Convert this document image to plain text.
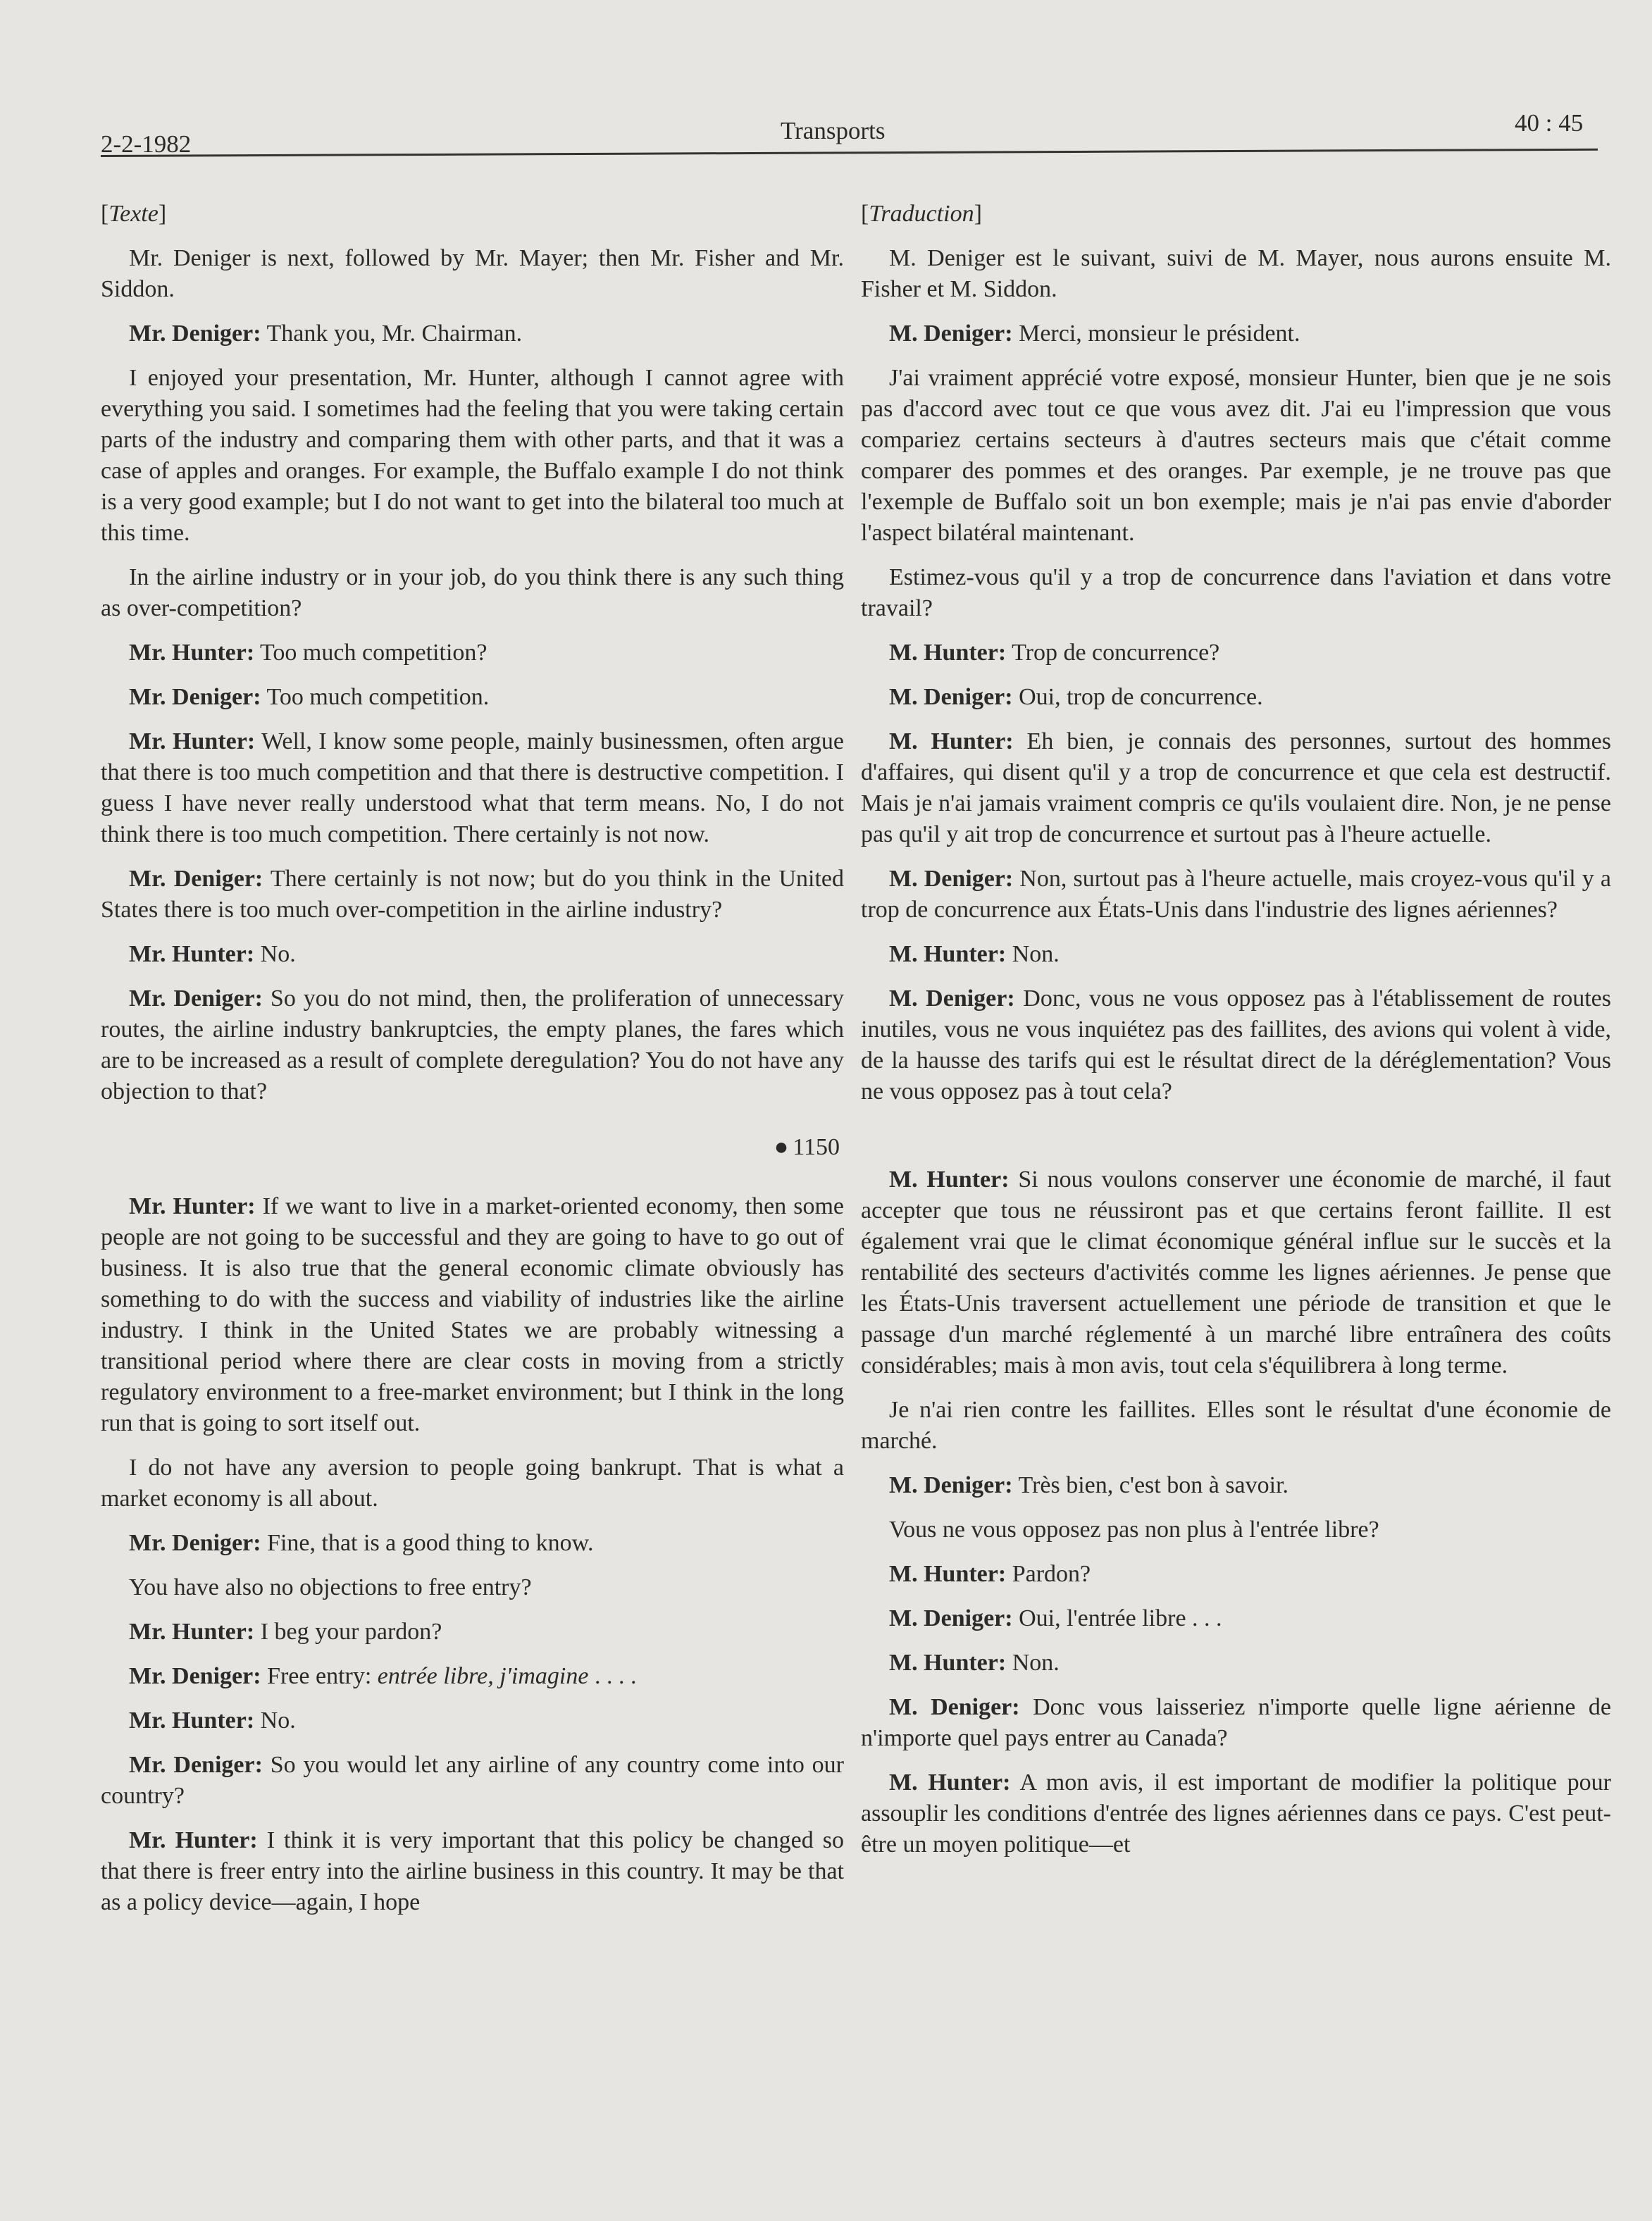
2-2-1982	Transports	40 : 45

[Texte]

Mr. Deniger is next, followed by Mr. Mayer; then Mr. Fisher and Mr. Siddon.

Mr. Deniger: Thank you, Mr. Chairman.

I enjoyed your presentation, Mr. Hunter, although I cannot agree with everything you said. I sometimes had the feeling that you were taking certain parts of the industry and comparing them with other parts, and that it was a case of apples and oranges. For example, the Buffalo example I do not think is a very good example; but I do not want to get into the bilateral too much at this time.

In the airline industry or in your job, do you think there is any such thing as over-competition?

Mr. Hunter: Too much competition?

Mr. Deniger: Too much competition.

Mr. Hunter: Well, I know some people, mainly businessmen, often argue that there is too much competition and that there is destructive competition. I guess I have never really understood what that term means. No, I do not think there is too much competition. There certainly is not now.

Mr. Deniger: There certainly is not now; but do you think in the United States there is too much over-competition in the airline industry?

Mr. Hunter: No.

Mr. Deniger: So you do not mind, then, the proliferation of unnecessary routes, the airline industry bankruptcies, the empty planes, the fares which are to be increased as a result of complete deregulation? You do not have any objection to that?

● 1150

Mr. Hunter: If we want to live in a market-oriented economy, then some people are not going to be successful and they are going to have to go out of business. It is also true that the general economic climate obviously has something to do with the success and viability of industries like the airline industry. I think in the United States we are probably witnessing a transitional period where there are clear costs in moving from a strictly regulatory environment to a free-market environment; but I think in the long run that is going to sort itself out.

I do not have any aversion to people going bankrupt. That is what a market economy is all about.

Mr. Deniger: Fine, that is a good thing to know.

You have also no objections to free entry?

Mr. Hunter: I beg your pardon?

Mr. Deniger: Free entry: entrée libre, j'imagine . . . .

Mr. Hunter: No.

Mr. Deniger: So you would let any airline of any country come into our country?

Mr. Hunter: I think it is very important that this policy be changed so that there is freer entry into the airline business in this country. It may be that as a policy device—again, I hope

[Traduction]

M. Deniger est le suivant, suivi de M. Mayer, nous aurons ensuite M. Fisher et M. Siddon.

M. Deniger: Merci, monsieur le président.

J'ai vraiment apprécié votre exposé, monsieur Hunter, bien que je ne sois pas d'accord avec tout ce que vous avez dit. J'ai eu l'impression que vous compariez certains secteurs à d'autres secteurs mais que c'était comme comparer des pommes et des oranges. Par exemple, je ne trouve pas que l'exemple de Buffalo soit un bon exemple; mais je n'ai pas envie d'aborder l'aspect bilatéral maintenant.

Estimez-vous qu'il y a trop de concurrence dans l'aviation et dans votre travail?

M. Hunter: Trop de concurrence?

M. Deniger: Oui, trop de concurrence.

M. Hunter: Eh bien, je connais des personnes, surtout des hommes d'affaires, qui disent qu'il y a trop de concurrence et que cela est destructif. Mais je n'ai jamais vraiment compris ce qu'ils voulaient dire. Non, je ne pense pas qu'il y ait trop de concurrence et surtout pas à l'heure actuelle.

M. Deniger: Non, surtout pas à l'heure actuelle, mais croyez-vous qu'il y a trop de concurrence aux États-Unis dans l'industrie des lignes aériennes?

M. Hunter: Non.

M. Deniger: Donc, vous ne vous opposez pas à l'établissement de routes inutiles, vous ne vous inquiétez pas des faillites, des avions qui volent à vide, de la hausse des tarifs qui est le résultat direct de la déréglementation? Vous ne vous opposez pas à tout cela?

M. Hunter: Si nous voulons conserver une économie de marché, il faut accepter que tous ne réussiront pas et que certains feront faillite. Il est également vrai que le climat économique général influe sur le succès et la rentabilité des secteurs d'activités comme les lignes aériennes. Je pense que les États-Unis traversent actuellement une période de transition et que le passage d'un marché réglementé à un marché libre entraînera des coûts considérables; mais à mon avis, tout cela s'équilibrera à long terme.

Je n'ai rien contre les faillites. Elles sont le résultat d'une économie de marché.

M. Deniger: Très bien, c'est bon à savoir.

Vous ne vous opposez pas non plus à l'entrée libre?

M. Hunter: Pardon?

M. Deniger: Oui, l'entrée libre . . .

M. Hunter: Non.

M. Deniger: Donc vous laisseriez n'importe quelle ligne aérienne de n'importe quel pays entrer au Canada?

M. Hunter: A mon avis, il est important de modifier la politique pour assouplir les conditions d'entrée des lignes aériennes dans ce pays. C'est peut-être un moyen politique—et
